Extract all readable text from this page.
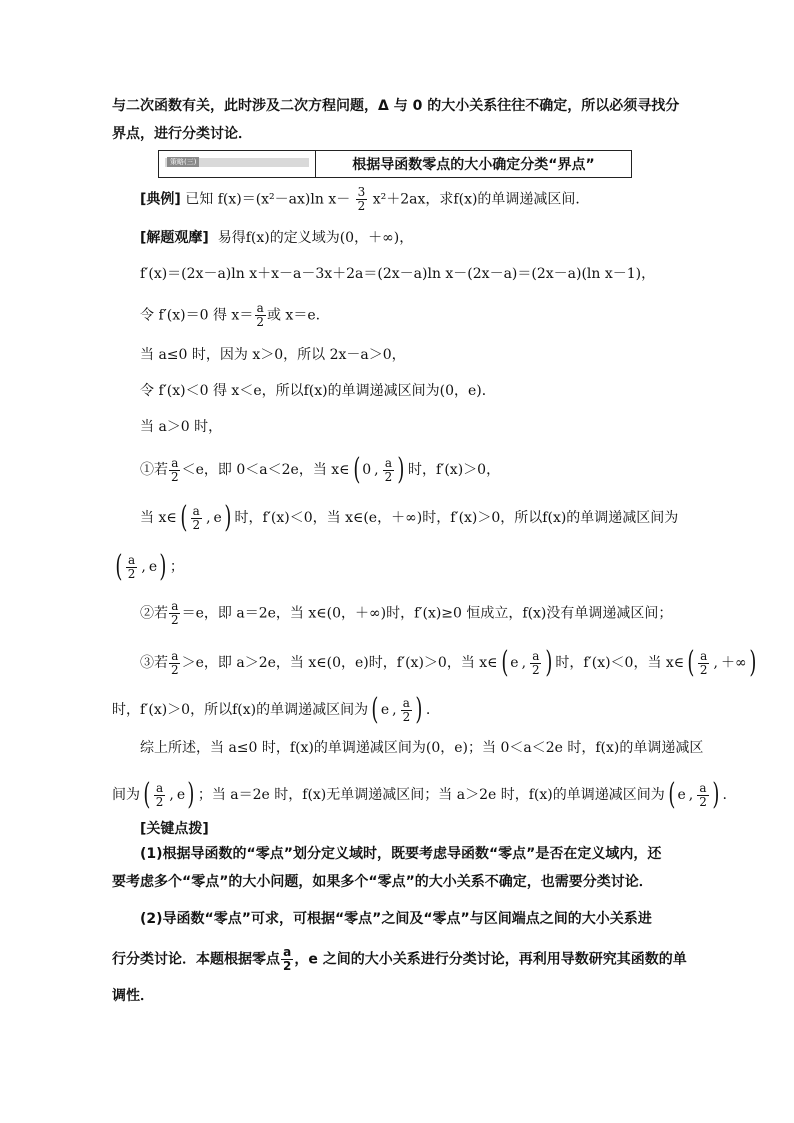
与二次函数有关，此时涉及二次方程问题，Δ 与 0 的大小关系往往不确定，所以必须寻找分
界点，进行分类讨论．
策略(三)	根据导函数零点的大小确定分类“界点”
[典例] 已知 f(x)＝(x²－ax)ln $x- \frac{3}{2} x^2+2ax$，求f(x)的单调递减区间．
[解题观摩] 易得f(x)的定义域为(0，＋∞)，
f′(x)＝(2x－a)ln x＋x－a－3x＋2a＝(2x－a)ln x－(2x－a)＝(2x－a)(ln x－1)，
令 f′(x)＝0 得 $x= \frac{a}{2}$ 或 x＝e.
当 a≤0 时，因为 x＞0，所以 2x－a＞0，
令 f′(x)＜0 得 x＜e，所以f(x)的单调递减区间为(0，e)．
当 a＞0 时，
①若 $\frac{a}{2} <e$，即 0＜a＜2e，当 x∈ ( 0 , $\frac{a}{2}$ ) 时，f′(x)＞0，
当 x∈ ( $\frac{a}{2}$ , e ) 时，f′(x)＜0，当 x∈(e，＋∞)时，f′(x)＞0，所以f(x)的单调递减区间为
( $\frac{a}{2}$ , e ) ；
②若 $\frac{a}{2} =e$，即 a＝2e，当 x∈(0，＋∞)时，f′(x)≥0 恒成立，f(x)没有单调递减区间；
③若 $\frac{a}{2} >e$，即 a＞2e，当 x∈(0，e)时，f′(x)＞0，当 x∈ ( e , $\frac{a}{2}$ ) 时，f′(x)＜0，当 x∈ ( $\frac{a}{2}$ , ＋∞ )
时，f′(x)＞0，所以f(x)的单调递减区间为 ( e , $\frac{a}{2}$ ) .
综上所述，当 a≤0 时，f(x)的单调递减区间为(0，e)；当 0＜a＜2e 时，f(x)的单调递减区
间为 ( $\frac{a}{2}$ , e ) ；当 a＝2e 时，f(x)无单调递减区间；当 a＞2e 时，f(x)的单调递减区间为 ( e , $\frac{a}{2}$ ) .
[关键点拨]
(1)根据导函数的“零点”划分定义域时，既要考虑导函数“零点”是否在定义域内，还
要考虑多个“零点”的大小问题，如果多个“零点”的大小关系不确定，也需要分类讨论．
(2)导函数“零点”可求，可根据“零点”之间及“零点”与区间端点之间的大小关系进
行分类讨论．本题根据零点 $\frac{a}{2}$ ，e 之间的大小关系进行分类讨论，再利用导数研究其函数的单
调性．
